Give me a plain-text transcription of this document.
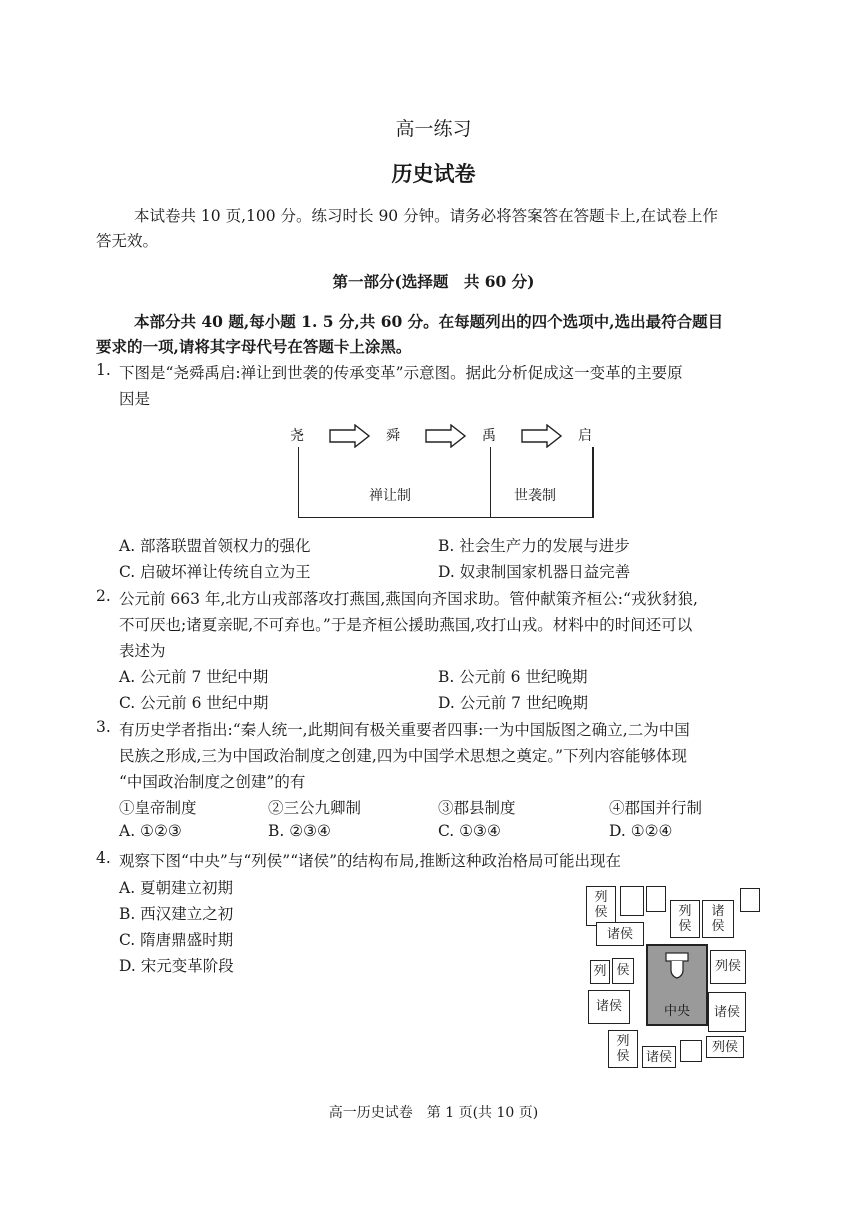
高一练习
历史试卷
本试卷共 10 页,100 分。练习时长 90 分钟。请务必将答案答在答题卡上,在试卷上作
答无效。
第一部分(选择题　共 60 分)
本部分共 40 题,每小题 1. 5 分,共 60 分。在每题列出的四个选项中,选出最符合题目
要求的一项,请将其字母代号在答题卡上涂黑。
1. 下图是“尧舜禹启:禅让到世袭的传承变革”示意图。据此分析促成这一变革的主要原
因是
尧	舜	禹	启
禅让制	世袭制
A. 部落联盟首领权力的强化	B. 社会生产力的发展与进步
C. 启破坏禅让传统自立为王	D. 奴隶制国家机器日益完善
2. 公元前 663 年,北方山戎部落攻打燕国,燕国向齐国求助。管仲献策齐桓公:“戎狄豺狼,
不可厌也;诸夏亲昵,不可弃也。”于是齐桓公援助燕国,攻打山戎。材料中的时间还可以
表述为
A. 公元前 7 世纪中期	B. 公元前 6 世纪晚期
C. 公元前 6 世纪中期	D. 公元前 7 世纪晚期
3. 有历史学者指出:“秦人统一,此期间有极关重要者四事:一为中国版图之确立,二为中国
民族之形成,三为中国政治制度之创建,四为中国学术思想之奠定。”下列内容能够体现
“中国政治制度之创建”的有
①皇帝制度	②三公九卿制	③郡县制度	④郡国并行制
A. ①②③	B. ②③④	C. ①③④	D. ①②④
4. 观察下图“中央”与“列侯”“诸侯”的结构布局,推断这种政治格局可能出现在
A. 夏朝建立初期
B. 西汉建立之初
C. 隋唐鼎盛时期
D. 宋元变革阶段
列
侯
诸侯
列
侯
诸
侯
列 侯
诸侯	中央
列侯
诸侯
列
侯	诸侯
列侯
高一历史试卷　第 1 页(共 10 页)
